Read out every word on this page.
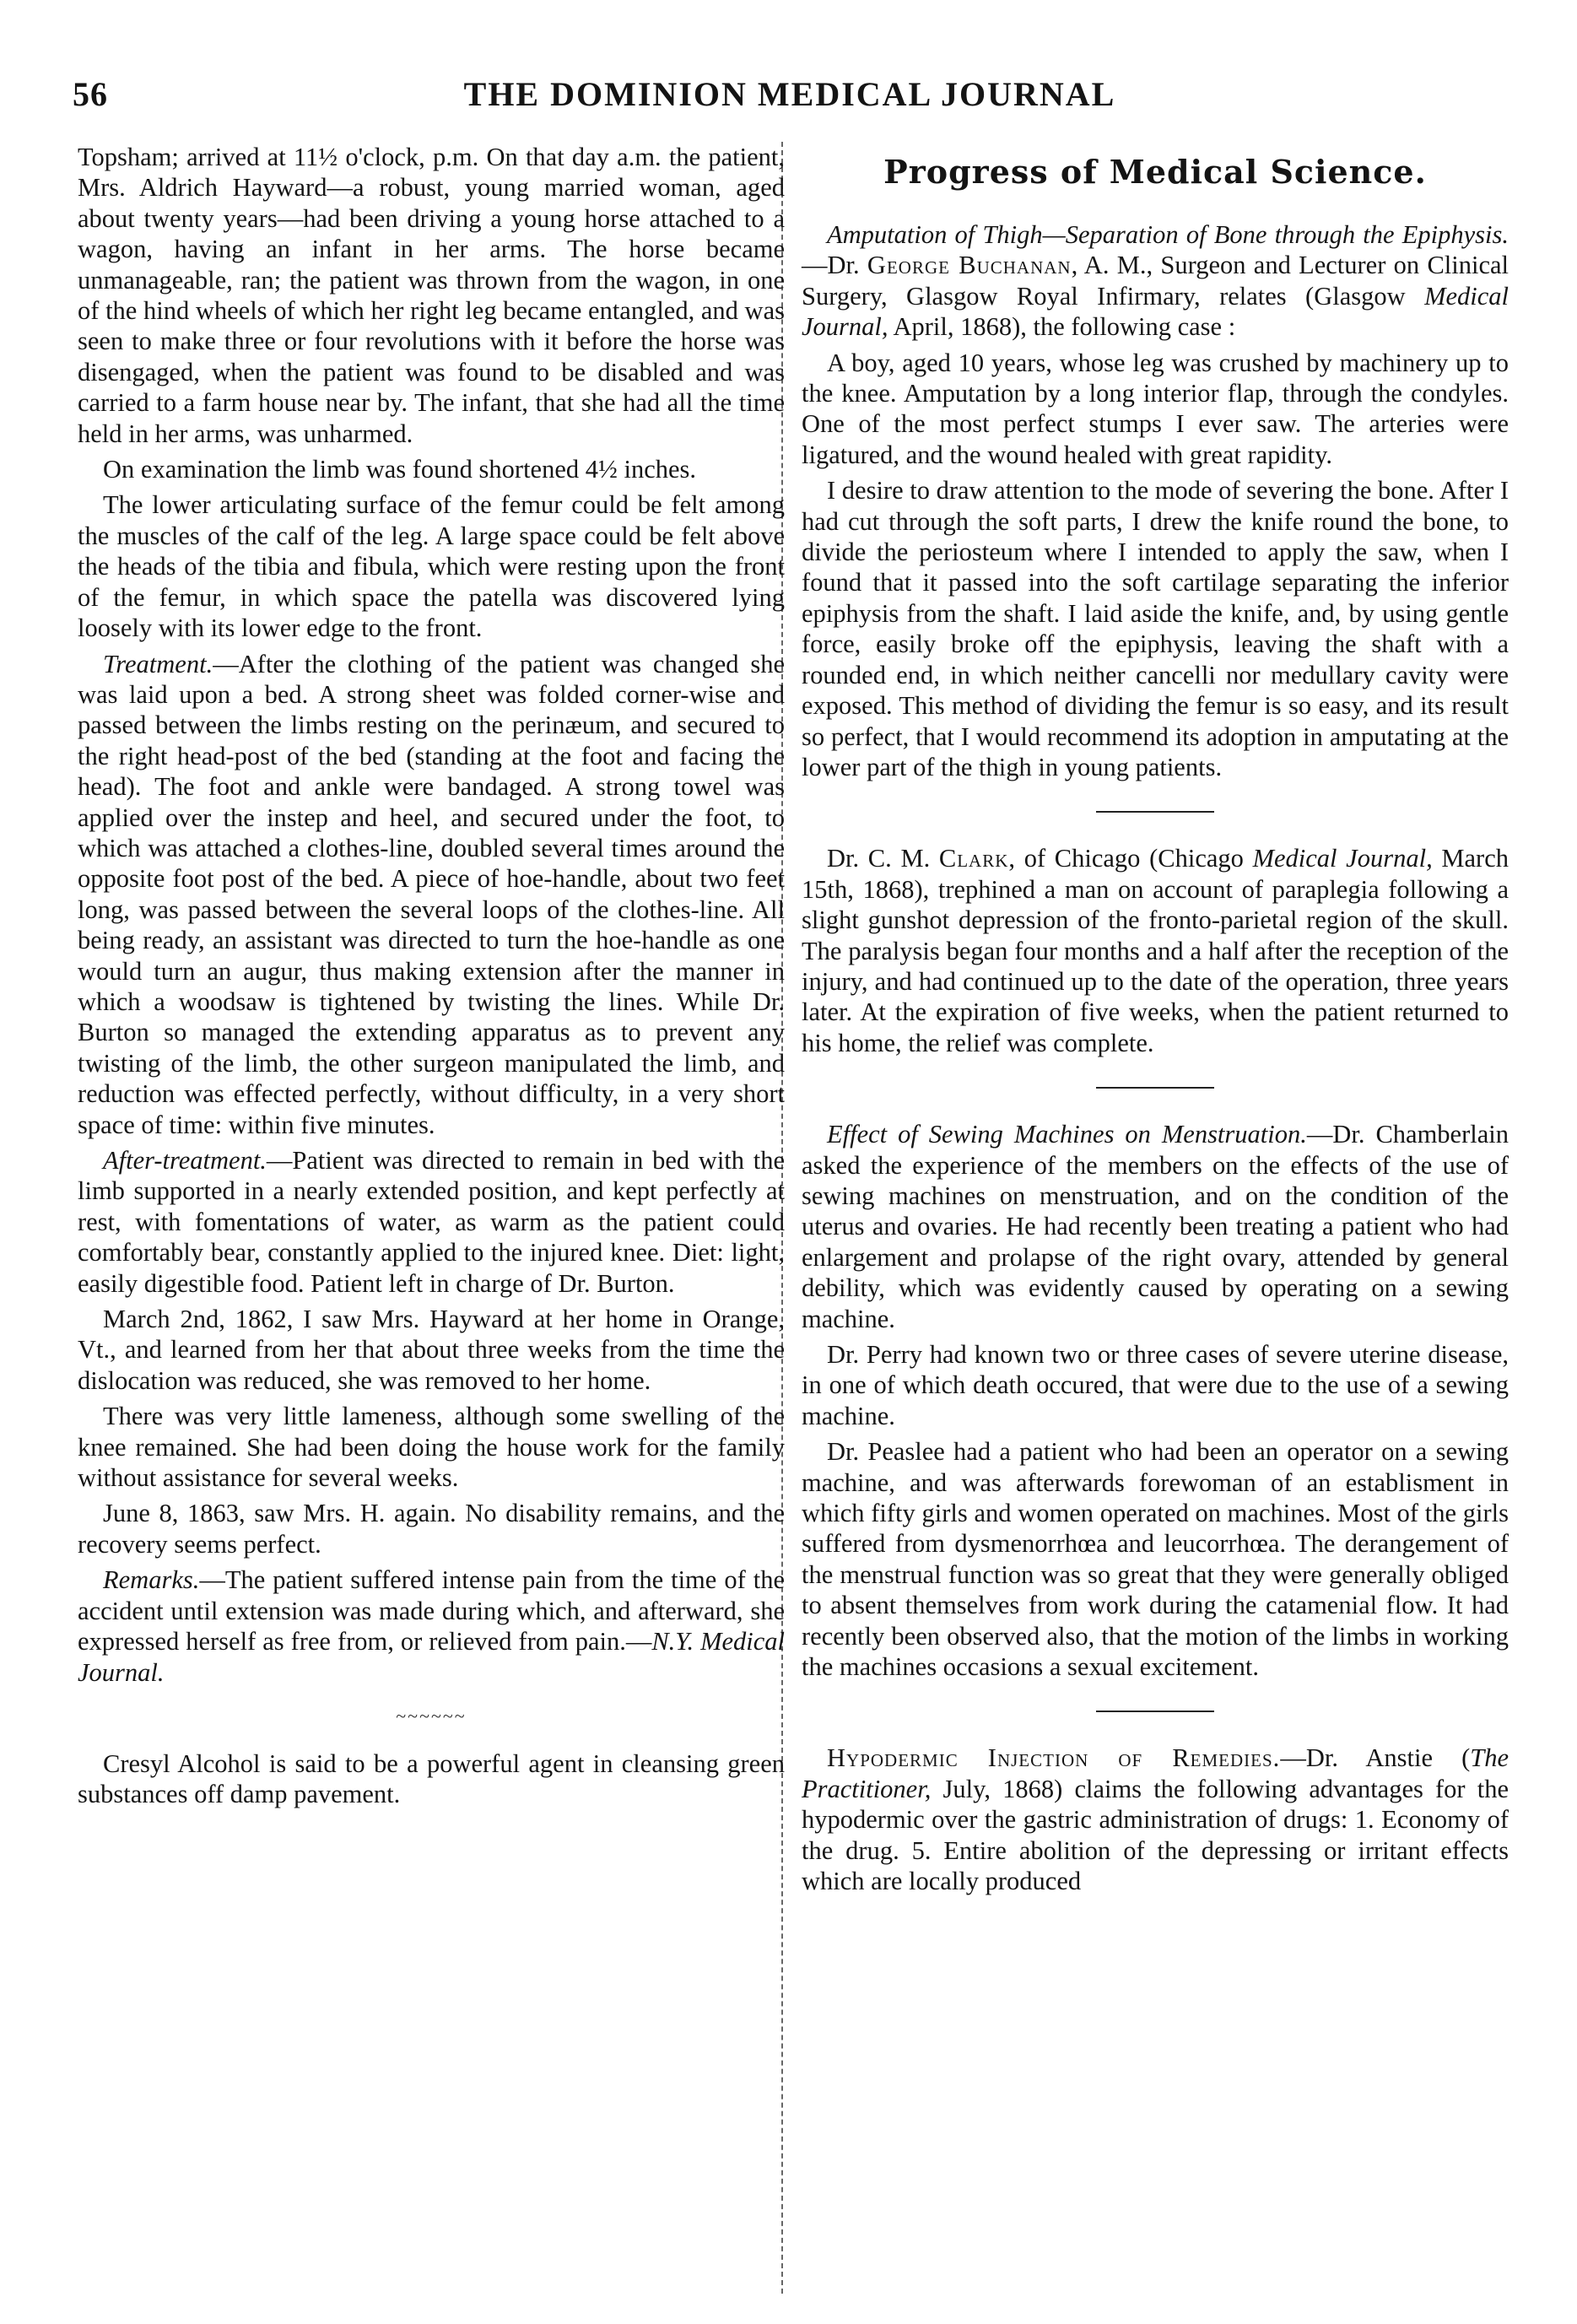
56	THE DOMINION MEDICAL JOURNAL

Topsham; arrived at 11½ o'clock, p.m. On that day a.m. the patient, Mrs. Aldrich Hayward—a robust, young married woman, aged about twenty years—had been driving a young horse attached to a wagon, having an infant in her arms. The horse became unmanageable, ran; the patient was thrown from the wagon, in one of the hind wheels of which her right leg became entangled, and was seen to make three or four revolutions with it before the horse was disengaged, when the patient was found to be disabled and was carried to a farm house near by. The infant, that she had all the time held in her arms, was unharmed.

On examination the limb was found shortened 4½ inches.

The lower articulating surface of the femur could be felt among the muscles of the calf of the leg. A large space could be felt above the heads of the tibia and fibula, which were resting upon the front of the femur, in which space the patella was discovered lying loosely with its lower edge to the front.

Treatment.—After the clothing of the patient was changed she was laid upon a bed. A strong sheet was folded corner-wise and passed between the limbs resting on the perinæum, and secured to the right head-post of the bed (standing at the foot and facing the head). The foot and ankle were bandaged. A strong towel was applied over the instep and heel, and secured under the foot, to which was attached a clothes-line, doubled several times around the opposite foot post of the bed. A piece of hoe-handle, about two feet long, was passed between the several loops of the clothes-line. All being ready, an assistant was directed to turn the hoe-handle as one would turn an augur, thus making extension after the manner in which a woodsaw is tightened by twisting the lines. While Dr. Burton so managed the extending apparatus as to prevent any twisting of the limb, the other surgeon manipulated the limb, and reduction was effected perfectly, without difficulty, in a very short space of time: within five minutes.

After-treatment.—Patient was directed to remain in bed with the limb supported in a nearly extended position, and kept perfectly at rest, with fomentations of water, as warm as the patient could comfortably bear, constantly applied to the injured knee. Diet: light, easily digestible food. Patient left in charge of Dr. Burton.

March 2nd, 1862, I saw Mrs. Hayward at her home in Orange, Vt., and learned from her that about three weeks from the time the dislocation was reduced, she was removed to her home.

There was very little lameness, although some swelling of the knee remained. She had been doing the house work for the family without assistance for several weeks.

June 8, 1863, saw Mrs. H. again. No disability remains, and the recovery seems perfect.

Remarks.—The patient suffered intense pain from the time of the accident until extension was made during which, and afterward, she expressed herself as free from, or relieved from pain.—N.Y. Medical Journal.

~~~~~~

Cresyl Alcohol is said to be a powerful agent in cleansing green substances off damp pavement.

Progress of Medical Science.

Amputation of Thigh—Separation of Bone through the Epiphysis.—Dr. George Buchanan, A. M., Surgeon and Lecturer on Clinical Surgery, Glasgow Royal Infirmary, relates (Glasgow Medical Journal, April, 1868), the following case :

A boy, aged 10 years, whose leg was crushed by machinery up to the knee. Amputation by a long interior flap, through the condyles. One of the most perfect stumps I ever saw. The arteries were ligatured, and the wound healed with great rapidity.

I desire to draw attention to the mode of severing the bone. After I had cut through the soft parts, I drew the knife round the bone, to divide the periosteum where I intended to apply the saw, when I found that it passed into the soft cartilage separating the inferior epiphysis from the shaft. I laid aside the knife, and, by using gentle force, easily broke off the epiphysis, leaving the shaft with a rounded end, in which neither cancelli nor medullary cavity were exposed. This method of dividing the femur is so easy, and its result so perfect, that I would recommend its adoption in amputating at the lower part of the thigh in young patients.

Dr. C. M. Clark, of Chicago (Chicago Medical Journal, March 15th, 1868), trephined a man on account of paraplegia following a slight gunshot depression of the fronto-parietal region of the skull. The paralysis began four months and a half after the reception of the injury, and had continued up to the date of the operation, three years later. At the expiration of five weeks, when the patient returned to his home, the relief was complete.

Effect of Sewing Machines on Menstruation.—Dr. Chamberlain asked the experience of the members on the effects of the use of sewing machines on menstruation, and on the condition of the uterus and ovaries. He had recently been treating a patient who had enlargement and prolapse of the right ovary, attended by general debility, which was evidently caused by operating on a sewing machine.

Dr. Perry had known two or three cases of severe uterine disease, in one of which death occured, that were due to the use of a sewing machine.

Dr. Peaslee had a patient who had been an operator on a sewing machine, and was afterwards forewoman of an establisment in which fifty girls and women operated on machines. Most of the girls suffered from dysmenorrhœa and leucorrhœa. The derangement of the menstrual function was so great that they were generally obliged to absent themselves from work during the catamenial flow. It had recently been observed also, that the motion of the limbs in working the machines occasions a sexual excitement.

Hypodermic Injection of Remedies.—Dr. Anstie (The Practitioner, July, 1868) claims the following advantages for the hypodermic over the gastric administration of drugs: 1. Economy of the drug. 5. Entire abolition of the depressing or irritant effects which are locally produced
